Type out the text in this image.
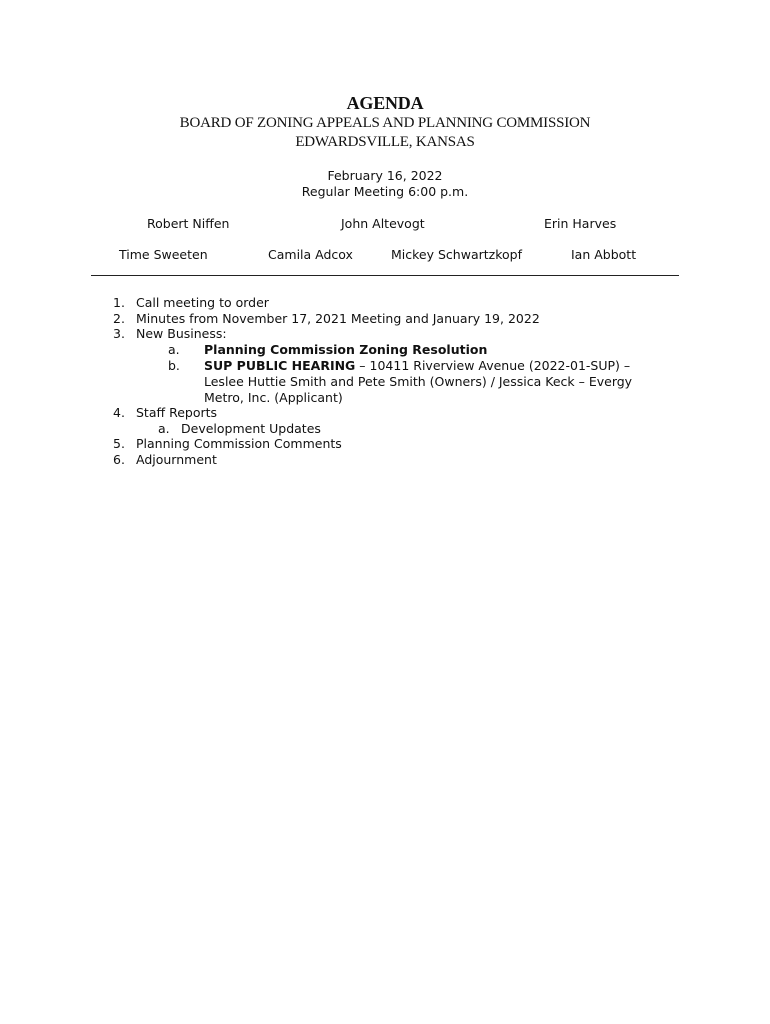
AGENDA
BOARD OF ZONING APPEALS AND PLANNING COMMISSION
EDWARDSVILLE, KANSAS
February 16, 2022
Regular Meeting 6:00 p.m.
Robert Niffen	John Altevogt	Erin Harves
Time Sweeten	Camila Adcox	Mickey Schwartzkopf	Ian Abbott
1. Call meeting to order
2. Minutes from November 17, 2021 Meeting and January 19, 2022
3. New Business:
a. Planning Commission Zoning Resolution
b. SUP PUBLIC HEARING – 10411 Riverview Avenue (2022-01-SUP) –
Leslee Huttie Smith and Pete Smith (Owners) / Jessica Keck – Evergy
Metro, Inc. (Applicant)
4. Staff Reports
a. Development Updates
5. Planning Commission Comments
6. Adjournment
